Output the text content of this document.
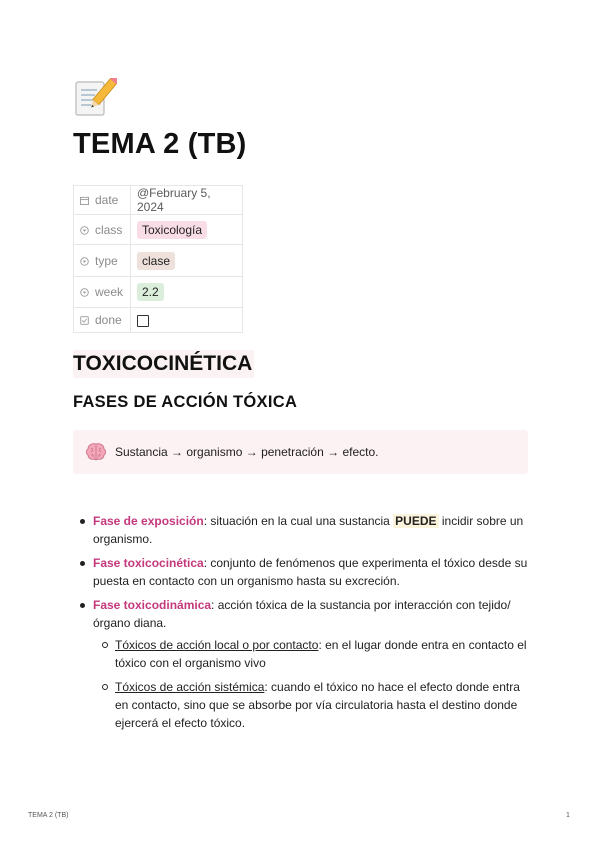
TEMA 2 (TB)
date	@February 5, 2024
class	Toxicología
type	clase
week	2.2
done	
TOXICOCINÉTICA
FASES DE ACCIÓN TÓXICA
Sustancia → organismo → penetración → efecto.
Fase de exposición: situación en la cual una sustancia PUEDE incidir sobre un organismo.
Fase toxicocinética: conjunto de fenómenos que experimenta el tóxico desde su puesta en contacto con un organismo hasta su excreción.
Fase toxicodinámica: acción tóxica de la sustancia por interacción con tejido/ órgano diana.
Tóxicos de acción local o por contacto: en el lugar donde entra en contacto el tóxico con el organismo vivo
Tóxicos de acción sistémica: cuando el tóxico no hace el efecto donde entra en contacto, sino que se absorbe por vía circulatoria hasta el destino donde ejercerá el efecto tóxico.
TEMA 2 (TB)	1
